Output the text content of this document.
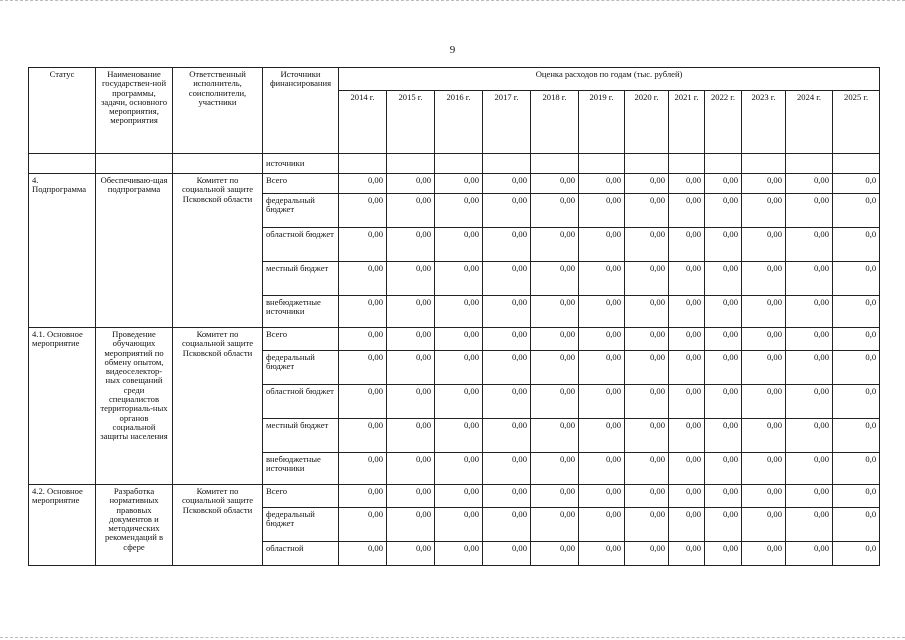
9
Статус	Наименование государствен-ной программы, задачи, основного мероприятия, мероприятия	Ответственный исполнитель, соисполнители, участники	Источники финансирования	Оценка расходов по годам (тыс. рублей)											
				2014 г.	2015 г.	2016 г.	2017 г.	2018 г.	2019 г.	2020 г.	2021 г.	2022 г.	2023 г.	2024 г.	2025 г.
			источники												
4. Подпрограмма	Обеспечиваю-щая подпрограмма	Комитет по социальной защите Псковской области	Всего	0,00	0,00	0,00	0,00	0,00	0,00	0,00	0,00	0,00	0,00	0,00	0,0
			федеральный бюджет	0,00	0,00	0,00	0,00	0,00	0,00	0,00	0,00	0,00	0,00	0,00	0,0
			областной бюджет	0,00	0,00	0,00	0,00	0,00	0,00	0,00	0,00	0,00	0,00	0,00	0,0
			местный бюджет	0,00	0,00	0,00	0,00	0,00	0,00	0,00	0,00	0,00	0,00	0,00	0,0
			внебюджетные источники	0,00	0,00	0,00	0,00	0,00	0,00	0,00	0,00	0,00	0,00	0,00	0,0
4.1. Основное мероприятие	Проведение обучающих мероприятий по обмену опытом, видеоселектор-ных совещаний среди специалистов территориаль-ных органов социальной защиты населения	Комитет по социальной защите Псковской области	Всего	0,00	0,00	0,00	0,00	0,00	0,00	0,00	0,00	0,00	0,00	0,00	0,0
			федеральный бюджет	0,00	0,00	0,00	0,00	0,00	0,00	0,00	0,00	0,00	0,00	0,00	0,0
			областной бюджет	0,00	0,00	0,00	0,00	0,00	0,00	0,00	0,00	0,00	0,00	0,00	0,0
			местный бюджет	0,00	0,00	0,00	0,00	0,00	0,00	0,00	0,00	0,00	0,00	0,00	0,0
			внебюджетные источники	0,00	0,00	0,00	0,00	0,00	0,00	0,00	0,00	0,00	0,00	0,00	0,0
4.2. Основное мероприятие	Разработка нормативных правовых документов и методических рекомендаций в сфере	Комитет по социальной защите Псковской области	Всего	0,00	0,00	0,00	0,00	0,00	0,00	0,00	0,00	0,00	0,00	0,00	0,0
			федеральный бюджет	0,00	0,00	0,00	0,00	0,00	0,00	0,00	0,00	0,00	0,00	0,00	0,0
			областной	0,00	0,00	0,00	0,00	0,00	0,00	0,00	0,00	0,00	0,00	0,00	0,0
